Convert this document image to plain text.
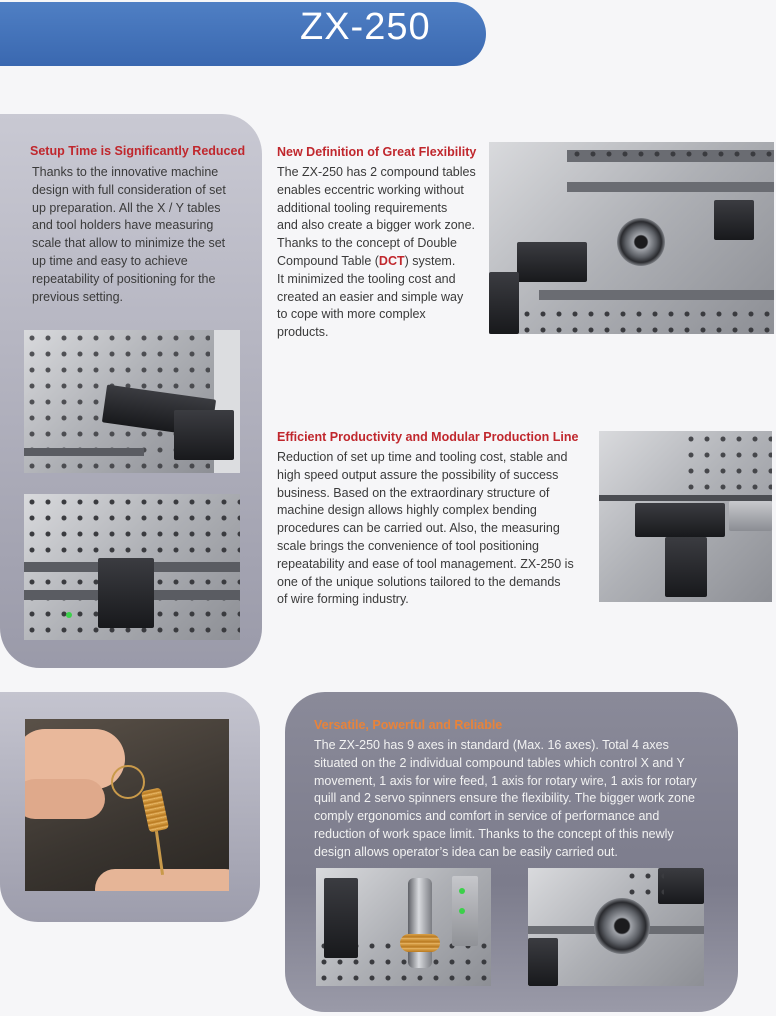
ZX-250
Setup Time is Significantly Reduced
Thanks to the innovative machine
design with full consideration of set
up preparation. All the X / Y tables
and tool holders have measuring
scale that allow to minimize the set
up time and easy to achieve
repeatability of positioning for the
previous setting.
New Definition of Great Flexibility
The ZX-250 has 2 compound tables
enables eccentric working without
additional tooling requirements
and also create a bigger work zone.
Thanks to the concept of Double
Compound Table (DCT) system.
It minimized the tooling cost and
created an easier and simple way
to cope with more complex
products.
Efficient Productivity and Modular Production Line
Reduction of set up time and tooling cost, stable and
high speed output assure the possibility of success
business. Based on the extraordinary structure of
machine design allows highly complex bending
procedures can be carried out. Also, the measuring
scale brings the convenience of tool positioning
repeatability and ease of tool management. ZX-250 is
one of the unique solutions tailored to the demands
of wire forming industry.
Versatile, Powerful and Reliable
The ZX-250 has 9 axes in standard (Max. 16 axes). Total 4 axes
situated on the 2 individual compound tables which control X and Y
movement, 1 axis for wire feed, 1 axis for rotary wire, 1 axis for rotary
quill and 2 servo spinners ensure the flexibility. The bigger work zone
comply ergonomics and comfort in service of performance and
reduction of work space limit. Thanks to the concept of this newly
design allows operator’s idea can be easily carried out.
